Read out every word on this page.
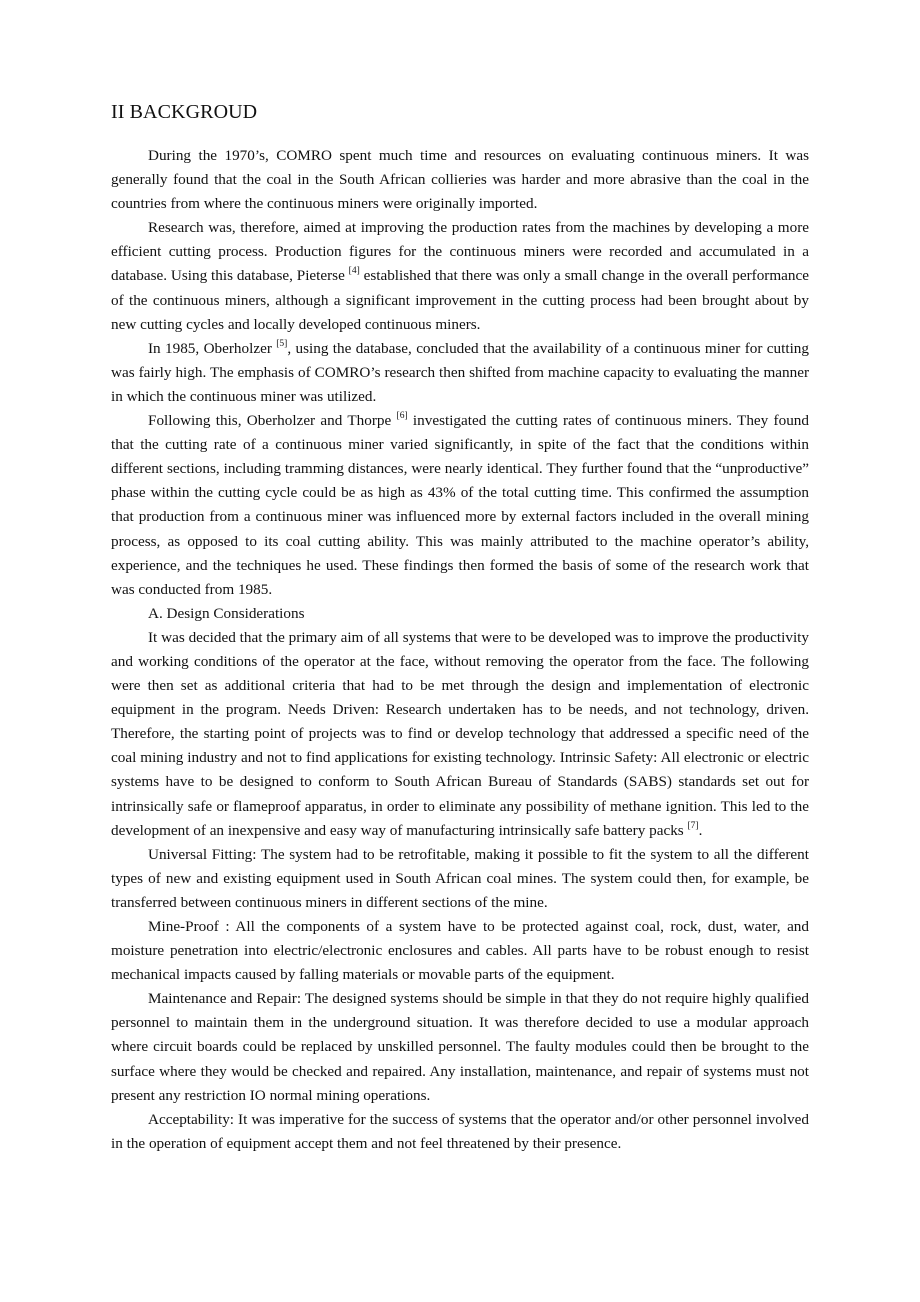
II BACKGROUD

During the 1970’s, COMRO spent much time and resources on evaluating continuous miners. It was generally found that the coal in the South African collieries was harder and more abrasive than the coal in the countries from where the continuous miners were originally imported.

Research was, therefore, aimed at improving the production rates from the machines by developing a more efficient cutting process. Production figures for the continuous miners were recorded and accumulated in a database. Using this database, Pieterse [4] established that there was only a small change in the overall performance of the continuous miners, although a significant improvement in the cutting process had been brought about by new cutting cycles and locally developed continuous miners.

In 1985, Oberholzer [5], using the database, concluded that the availability of a continuous miner for cutting was fairly high. The emphasis of COMRO’s research then shifted from machine capacity to evaluating the manner in which the continuous miner was utilized.

Following this, Oberholzer and Thorpe [6] investigated the cutting rates of continuous miners. They found that the cutting rate of a continuous miner varied significantly, in spite of the fact that the conditions within different sections, including tramming distances, were nearly identical. They further found that the “unproductive” phase within the cutting cycle could be as high as 43% of the total cutting time. This confirmed the assumption that production from a continuous miner was influenced more by external factors included in the overall mining process, as opposed to its coal cutting ability. This was mainly attributed to the machine operator’s ability, experience, and the techniques he used. These findings then formed the basis of some of the research work that was conducted from 1985.

A. Design Considerations

It was decided that the primary aim of all systems that were to be developed was to improve the productivity and working conditions of the operator at the face, without removing the operator from the face. The following were then set as additional criteria that had to be met through the design and implementation of electronic equipment in the program. Needs Driven: Research undertaken has to be needs, and not technology, driven. Therefore, the starting point of projects was to find or develop technology that addressed a specific need of the coal mining industry and not to find applications for existing technology. Intrinsic Safety: All electronic or electric systems have to be designed to conform to South African Bureau of Standards (SABS) standards set out for intrinsically safe or flameproof apparatus, in order to eliminate any possibility of methane ignition. This led to the development of an inexpensive and easy way of manufacturing intrinsically safe battery packs [7].

Universal Fitting: The system had to be retrofitable, making it possible to fit the system to all the different types of new and existing equipment used in South African coal mines. The system could then, for example, be transferred between continuous miners in different sections of the mine.

Mine-Proof : All the components of a system have to be protected against coal, rock, dust, water, and moisture penetration into electric/electronic enclosures and cables. All parts have to be robust enough to resist mechanical impacts caused by falling materials or movable parts of the equipment.

Maintenance and Repair: The designed systems should be simple in that they do not require highly qualified personnel to maintain them in the underground situation. It was therefore decided to use a modular approach where circuit boards could be replaced by unskilled personnel. The faulty modules could then be brought to the surface where they would be checked and repaired. Any installation, maintenance, and repair of systems must not present any restriction IO normal mining operations.

Acceptability: It was imperative for the success of systems that the operator and/or other personnel involved in the operation of equipment accept them and not feel threatened by their presence.
